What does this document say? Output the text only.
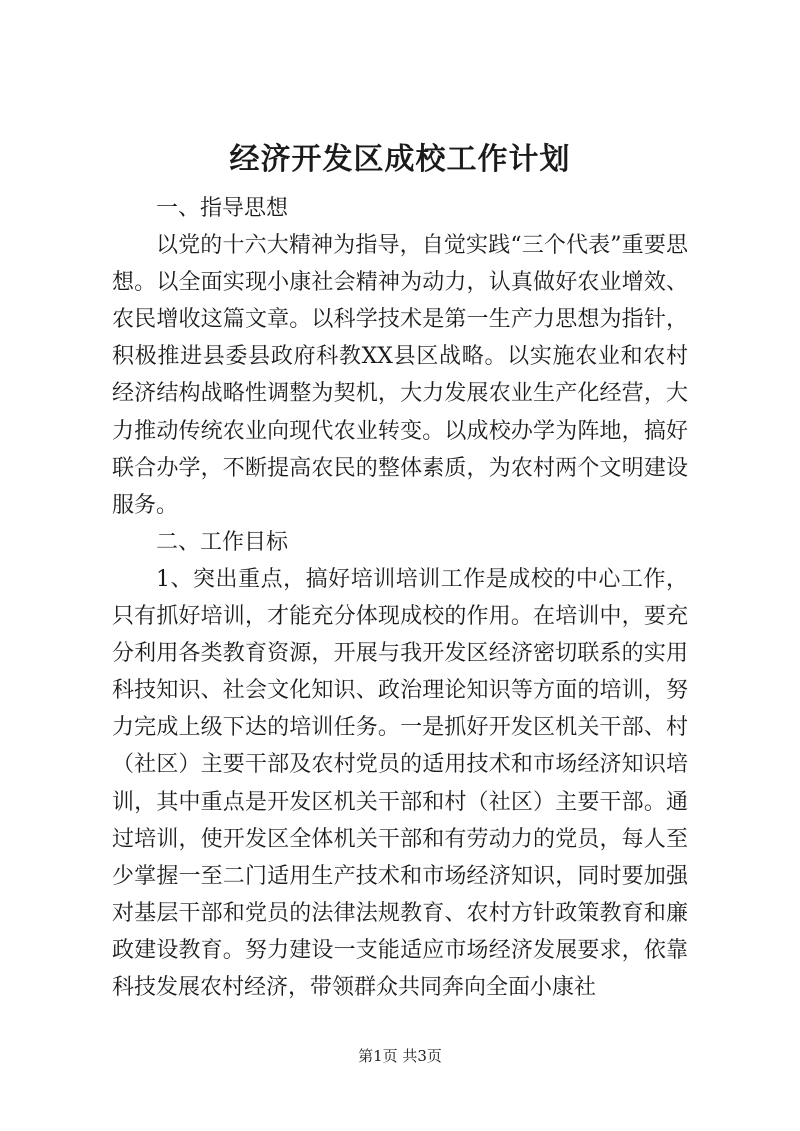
经济开发区成校工作计划

一、指导思想

以党的十六大精神为指导，自觉实践“三个代表”重要思想。以全面实现小康社会精神为动力，认真做好农业增效、农民增收这篇文章。以科学技术是第一生产力思想为指针，积极推进县委县政府科教XX县区战略。以实施农业和农村经济结构战略性调整为契机，大力发展农业生产化经营，大力推动传统农业向现代农业转变。以成校办学为阵地，搞好联合办学，不断提高农民的整体素质，为农村两个文明建设服务。

二、工作目标

1、突出重点，搞好培训培训工作是成校的中心工作，只有抓好培训，才能充分体现成校的作用。在培训中，要充分利用各类教育资源，开展与我开发区经济密切联系的实用科技知识、社会文化知识、政治理论知识等方面的培训，努力完成上级下达的培训任务。一是抓好开发区机关干部、村（社区）主要干部及农村党员的适用技术和市场经济知识培训，其中重点是开发区机关干部和村（社区）主要干部。通过培训，使开发区全体机关干部和有劳动力的党员，每人至少掌握一至二门适用生产技术和市场经济知识，同时要加强对基层干部和党员的法律法规教育、农村方针政策教育和廉政建设教育。努力建设一支能适应市场经济发展要求，依靠科技发展农村经济，带领群众共同奔向全面小康社

第1页 共3页
